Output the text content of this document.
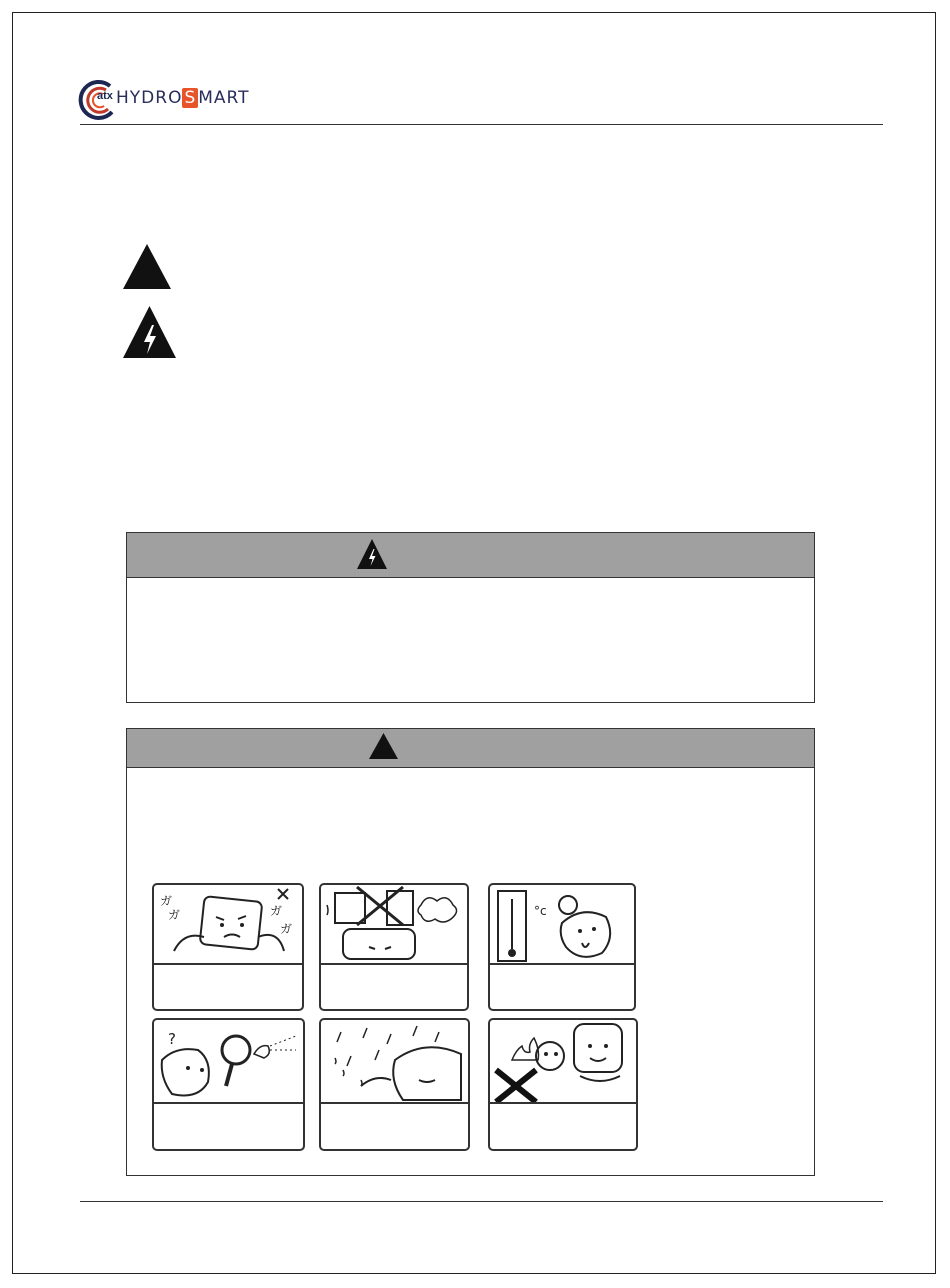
atx HYDRO S MART
ガ
ガ	ガ
ガ
°c
?
